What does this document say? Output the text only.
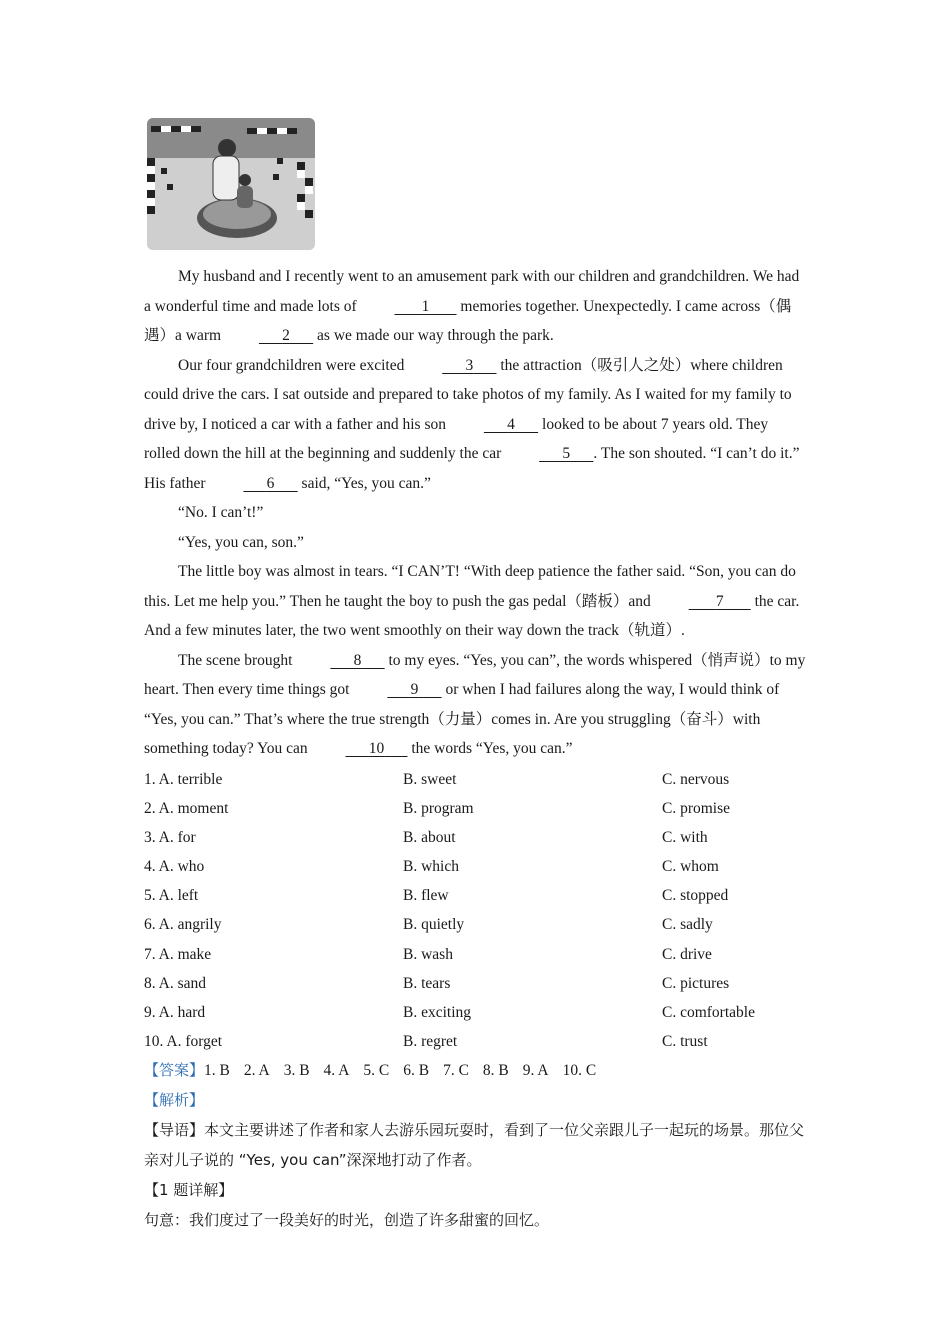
My husband and I recently went to an amusement park with our children and grandchildren. We had a wonderful time and made lots of	1        memories together. Unexpectedly. I came across（偶遇）a warm	2       as we made our way through the park.

Our four grandchildren were excited	3       the attraction（吸引人之处）where children could drive the cars. I sat outside and prepared to take photos of my family. As I waited for my family to drive by, I noticed a car with a father and his son	4       looked to be about 7 years old. They rolled down the hill at the beginning and suddenly the car	5 . The son shouted. “I can’t do it.” His father	6       said, “Yes, you can.”

“No. I can’t!”

“Yes, you can, son.”

The little boy was almost in tears. “I CAN’T! “With deep patience the father said. “Son, you can do this. Let me help you.” Then he taught the boy to push the gas pedal（踏板）and	7        the car. And a few minutes later, the two went smoothly on their way down the track（轨道）.

The scene brought	8       to my eyes. “Yes, you can”, the words whispered（悄声说）to my heart. Then every time things got	9       or when I had failures along the way, I would think of “Yes, you can.” That’s where the true strength（力量）comes in. Are you struggling（奋斗）with something today? You can	10       the words “Yes, you can.”

1. A. terrible	B. sweet	C. nervous
2. A. moment	B. program	C. promise
3. A. for	B. about	C. with
4. A. who	B. which	C. whom
5. A. left	B. flew	C. stopped
6. A. angrily	B. quietly	C. sadly
7. A. make	B. wash	C. drive
8. A. sand	B. tears	C. pictures
9. A. hard	B. exciting	C. comfortable
10. A. forget	B. regret	C. trust
【答案】1. B 2. A 3. B 4. A 5. C 6. B 7. C 8. B 9. A 10. C
【解析】
【导语】本文主要讲述了作者和家人去游乐园玩耍时，看到了一位父亲跟儿子一起玩的场景。那位父亲对儿子说的 “Yes, you can”深深地打动了作者。
【1 题详解】
句意：我们度过了一段美好的时光，创造了许多甜蜜的回忆。
